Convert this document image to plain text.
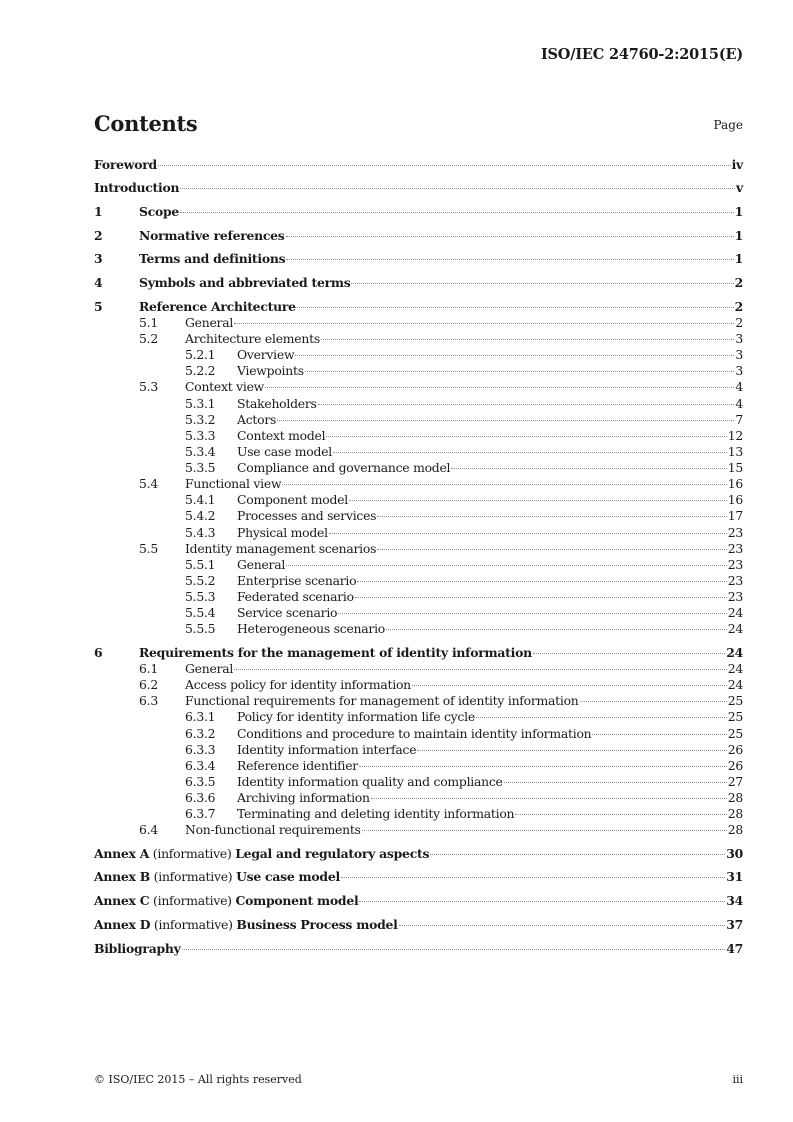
ISO/IEC 24760-2:2015(E)
Contents	Page
Foreword	iv
Introduction	v
1	Scope	1
2	Normative references	1
3	Terms and definitions	1
4	Symbols and abbreviated terms	2
5	Reference Architecture	2
5.1	General	2
5.2	Architecture elements	3
5.2.1	Overview	3
5.2.2	Viewpoints	3
5.3	Context view	4
5.3.1	Stakeholders	4
5.3.2	Actors	7
5.3.3	Context model	12
5.3.4	Use case model	13
5.3.5	Compliance and governance model	15
5.4	Functional view	16
5.4.1	Component model	16
5.4.2	Processes and services	17
5.4.3	Physical model	23
5.5	Identity management scenarios	23
5.5.1	General	23
5.5.2	Enterprise scenario	23
5.5.3	Federated scenario	23
5.5.4	Service scenario	24
5.5.5	Heterogeneous scenario	24
6	Requirements for the management of identity information	24
6.1	General	24
6.2	Access policy for identity information	24
6.3	Functional requirements for management of identity information	25
6.3.1	Policy for identity information life cycle	25
6.3.2	Conditions and procedure to maintain identity information	25
6.3.3	Identity information interface	26
6.3.4	Reference identifier	26
6.3.5	Identity information quality and compliance	27
6.3.6	Archiving information	28
6.3.7	Terminating and deleting identity information	28
6.4	Non-functional requirements	28
Annex A (informative) Legal and regulatory aspects	30
Annex B (informative) Use case model	31
Annex C (informative) Component model	34
Annex D (informative) Business Process model	37
Bibliography	47
© ISO/IEC 2015 – All rights reserved	iii
